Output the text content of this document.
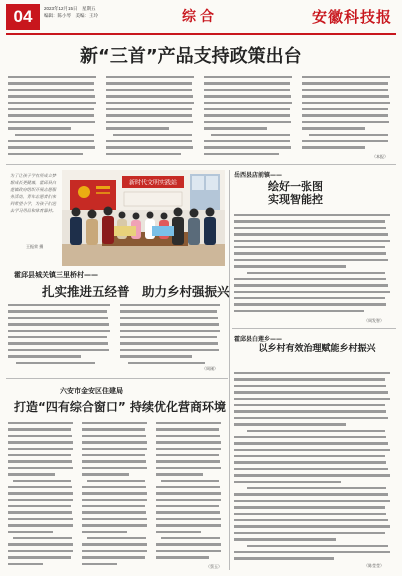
04	2023年12月15日　星期五
编辑：陈小琴　美编：王玲	综合	安徽科技报
新“三首”产品支持政策出台
（本报）
为了让孩子学有所成立梦想成长更健康，霍邱县白莲镇政府组织开展志愿服务活动，青年志愿者们来到希望小学，为孩子们送去学习用品和体育器材。
王振荣 摄
新时代文明实践站
霍邱县城关镇三里桥村——
扎实推进五经普　助力乡村强振兴
（周刚）
六安市金安区住建局
打造“四有综合窗口” 持续优化营商环境
（蔡玉）
岳西县店前镇——
绘好一张图
实现智能控
（周发智）
霍邱县白莲乡——
以乡村有效治理赋能乡村振兴
（陈莹莹）
